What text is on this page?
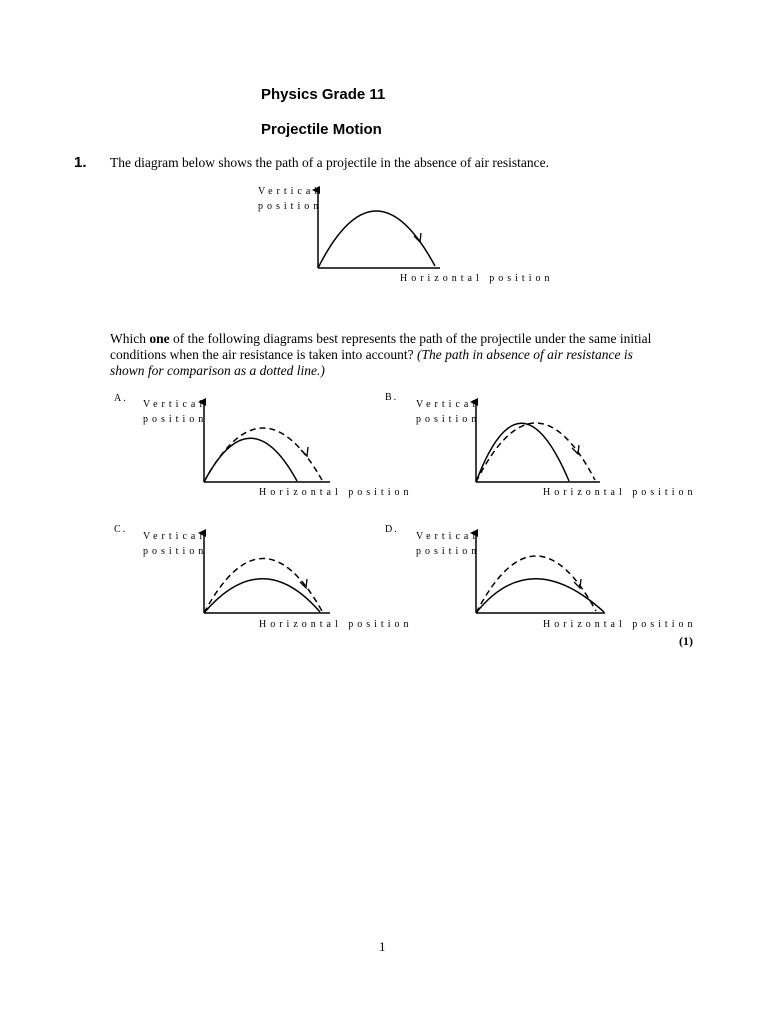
Physics Grade 11
Projectile Motion
1. The diagram below shows the path of a projectile in the absence of air resistance.
Vertical
position
Horizontal position
Which one of the following diagrams best represents the path of the projectile under the same initial conditions when the air resistance is taken into account? (The path in absence of air resistance is shown for comparison as a dotted line.)
A.
Vertical
position
Horizontal position
B.
Vertical
position
Horizontal position
C.
Vertical
position
Horizontal position
D.
Vertical
position
Horizontal position
(1)
1
